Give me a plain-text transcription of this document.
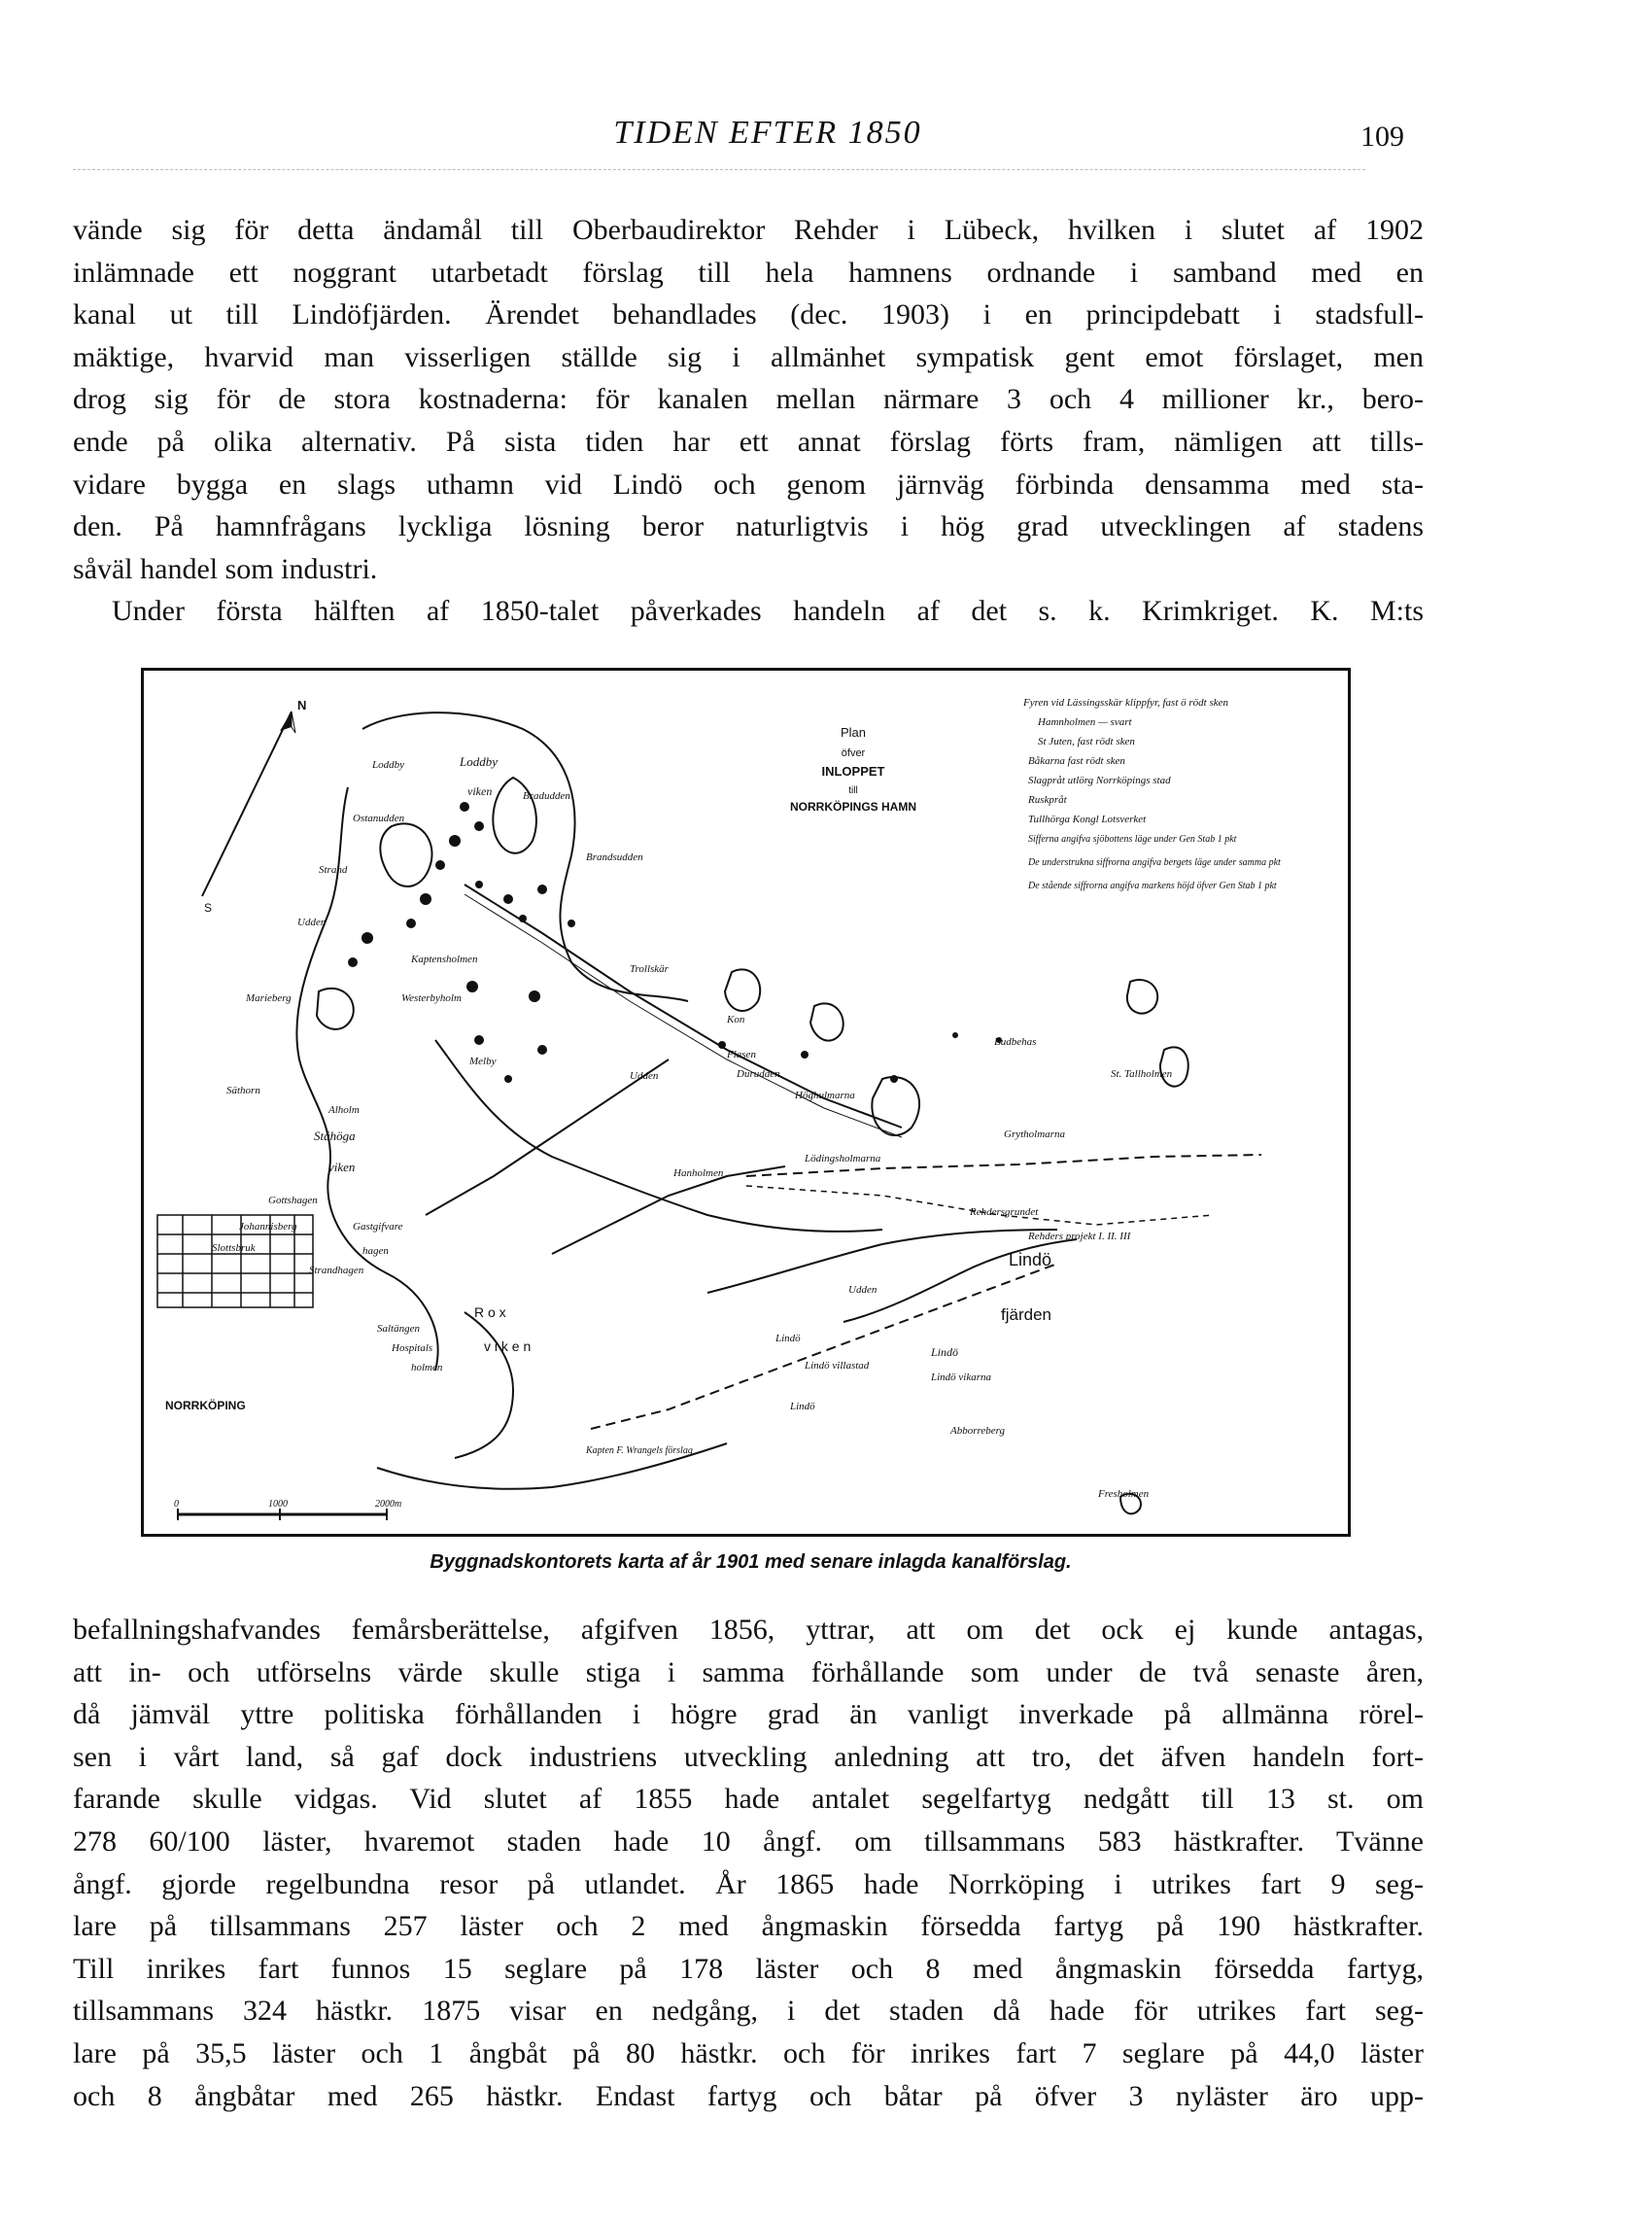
TIDEN EFTER 1850	109
vände sig för detta ändamål till Oberbaudirektor Rehder i Lübeck, hvilken i slutet af 1902
inlämnade ett noggrant utarbetadt förslag till hela hamnens ordnande i samband med en
kanal ut till Lindöfjärden. Ärendet behandlades (dec. 1903) i en principdebatt i stadsfull-
mäktige, hvarvid man visserligen ställde sig i allmänhet sympatisk gent emot förslaget, men
drog sig för de stora kostnaderna: för kanalen mellan närmare 3 och 4 millioner kr., bero-
ende på olika alternativ. På sista tiden har ett annat förslag förts fram, nämligen att tills-
vidare bygga en slags uthamn vid Lindö och genom järnväg förbinda densamma med sta-
den. På hamnfrågans lyckliga lösning beror naturligtvis i hög grad utvecklingen af stadens
såväl handel som industri.
Under första hälften af 1850-talet påverkades handeln af det s. k. Krimkriget. K. M:ts
N
S
Plan
öfver
INLOPPET
till
NORRKÖPINGS HAMN
Fyren vid Lässingsskär klippfyr, fast ö rödt sken
Hamnholmen — svart
St Juten, fast rödt sken
Båkarna fast rödt sken
Slagpråt utlörg Norrköpings stad
Ruskpråt
Tullhörga Kongl Lotsverket
Sifferna angifva sjöbottens läge under Gen Stab 1 pkt
De understrukna siffrorna angifva bergets läge under samma pkt
De stående siffrorna angifva markens höjd öfver Gen Stab 1 pkt
Loddby	Loddby
viken	Bradudden
Ostanudden
Strand
Udden
Marieberg
Säthorn
Alholm
Ståhöga
viken
Gottshagen
Johannisberg	Gastgifvare
Slottsbruk	hagen
Strandhagen
NORRKÖPING
Saltängen
Hospitals
holmen
R o x
v i k e n
Kaptensholmen
Westerbyholm
Melby
Brandsudden
Trollskär
Kon
Flasen
Durudden
Höghulmarna
Hanholmen
Udden
Budbehas
St. Tallholmen
Lödingsholmarna
Grytholmarna
Rehdersgrundet
Rehders projekt I. II. III
Lindö
fjärden
Lindö
Lindö vikarna
Lindö
Udden
Lindö villastad
Lindö
Abborreberg
Fresholmen
Kapten F. Wrangels förslag
0	1000	2000m
Byggnadskontorets karta af år 1901 med senare inlagda kanalförslag.
befallningshafvandes femårsberättelse, afgifven 1856, yttrar, att om det ock ej kunde antagas,
att in- och utförselns värde skulle stiga i samma förhållande som under de två senaste åren,
då jämväl yttre politiska förhållanden i högre grad än vanligt inverkade på allmänna rörel-
sen i vårt land, så gaf dock industriens utveckling anledning att tro, det äfven handeln fort-
farande skulle vidgas. Vid slutet af 1855 hade antalet segelfartyg nedgått till 13 st. om
278 60/100 läster, hvaremot staden hade 10 ångf. om tillsammans 583 hästkrafter. Tvänne
ångf. gjorde regelbundna resor på utlandet. År 1865 hade Norrköping i utrikes fart 9 seg-
lare på tillsammans 257 läster och 2 med ångmaskin försedda fartyg på 190 hästkrafter.
Till inrikes fart funnos 15 seglare på 178 läster och 8 med ångmaskin försedda fartyg,
tillsammans 324 hästkr. 1875 visar en nedgång, i det staden då hade för utrikes fart seg-
lare på 35,5 läster och 1 ångbåt på 80 hästkr. och för inrikes fart 7 seglare på 44,0 läster
och 8 ångbåtar med 265 hästkr. Endast fartyg och båtar på öfver 3 nyläster äro upp-
